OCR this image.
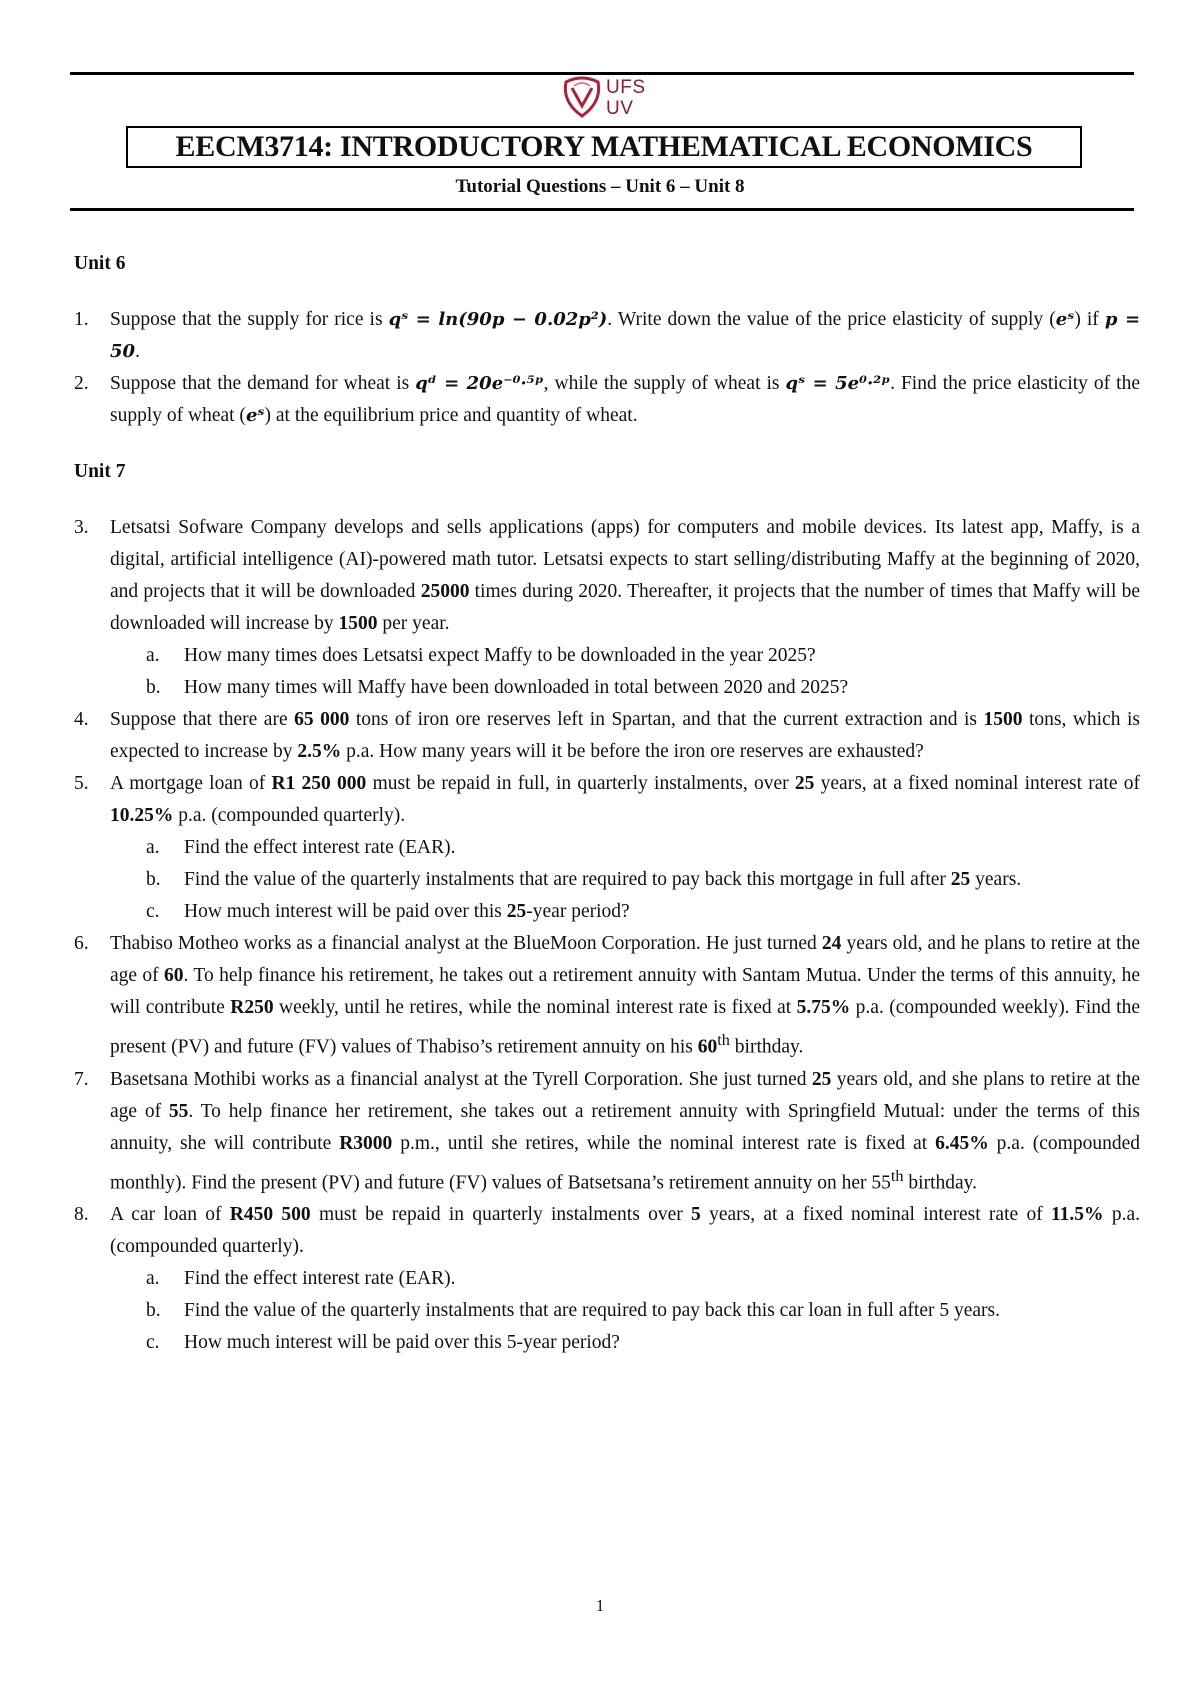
UFS
UV
EECM3714: INTRODUCTORY MATHEMATICAL ECONOMICS
Tutorial Questions – Unit 6 – Unit 8
Unit 6
1.	Suppose that the supply for rice is qˢ = ln(90p − 0.02p²). Write down the value of the price elasticity of supply (eˢ) if p = 50.
2.	Suppose that the demand for wheat is qᵈ = 20e⁻⁰·⁵ᵖ, while the supply of wheat is qˢ = 5e⁰·²ᵖ. Find the price elasticity of the supply of wheat (eˢ) at the equilibrium price and quantity of wheat.
Unit 7
3.	Letsatsi Sofware Company develops and sells applications (apps) for computers and mobile devices. Its latest app, Maffy, is a digital, artificial intelligence (AI)-powered math tutor. Letsatsi expects to start selling/distributing Maffy at the beginning of 2020, and projects that it will be downloaded 25000 times during 2020. Thereafter, it projects that the number of times that Maffy will be downloaded will increase by 1500 per year.
a. How many times does Letsatsi expect Maffy to be downloaded in the year 2025?
b. How many times will Maffy have been downloaded in total between 2020 and 2025?
4.	Suppose that there are 65 000 tons of iron ore reserves left in Spartan, and that the current extraction and is 1500 tons, which is expected to increase by 2.5% p.a. How many years will it be before the iron ore reserves are exhausted?
5.	A mortgage loan of R1 250 000 must be repaid in full, in quarterly instalments, over 25 years, at a fixed nominal interest rate of 10.25% p.a. (compounded quarterly).
a. Find the effect interest rate (EAR).
b. Find the value of the quarterly instalments that are required to pay back this mortgage in full after 25 years.
c. How much interest will be paid over this 25-year period?
6.	Thabiso Motheo works as a financial analyst at the BlueMoon Corporation. He just turned 24 years old, and he plans to retire at the age of 60. To help finance his retirement, he takes out a retirement annuity with Santam Mutua. Under the terms of this annuity, he will contribute R250 weekly, until he retires, while the nominal interest rate is fixed at 5.75% p.a. (compounded weekly). Find the present (PV) and future (FV) values of Thabiso’s retirement annuity on his 60th birthday.
7.	Basetsana Mothibi works as a financial analyst at the Tyrell Corporation. She just turned 25 years old, and she plans to retire at the age of 55. To help finance her retirement, she takes out a retirement annuity with Springfield Mutual: under the terms of this annuity, she will contribute R3000 p.m., until she retires, while the nominal interest rate is fixed at 6.45% p.a. (compounded monthly). Find the present (PV) and future (FV) values of Batsetsana’s retirement annuity on her 55th birthday.
8.	A car loan of R450 500 must be repaid in quarterly instalments over 5 years, at a fixed nominal interest rate of 11.5% p.a. (compounded quarterly).
a. Find the effect interest rate (EAR).
b. Find the value of the quarterly instalments that are required to pay back this car loan in full after 5 years.
c. How much interest will be paid over this 5-year period?
1
